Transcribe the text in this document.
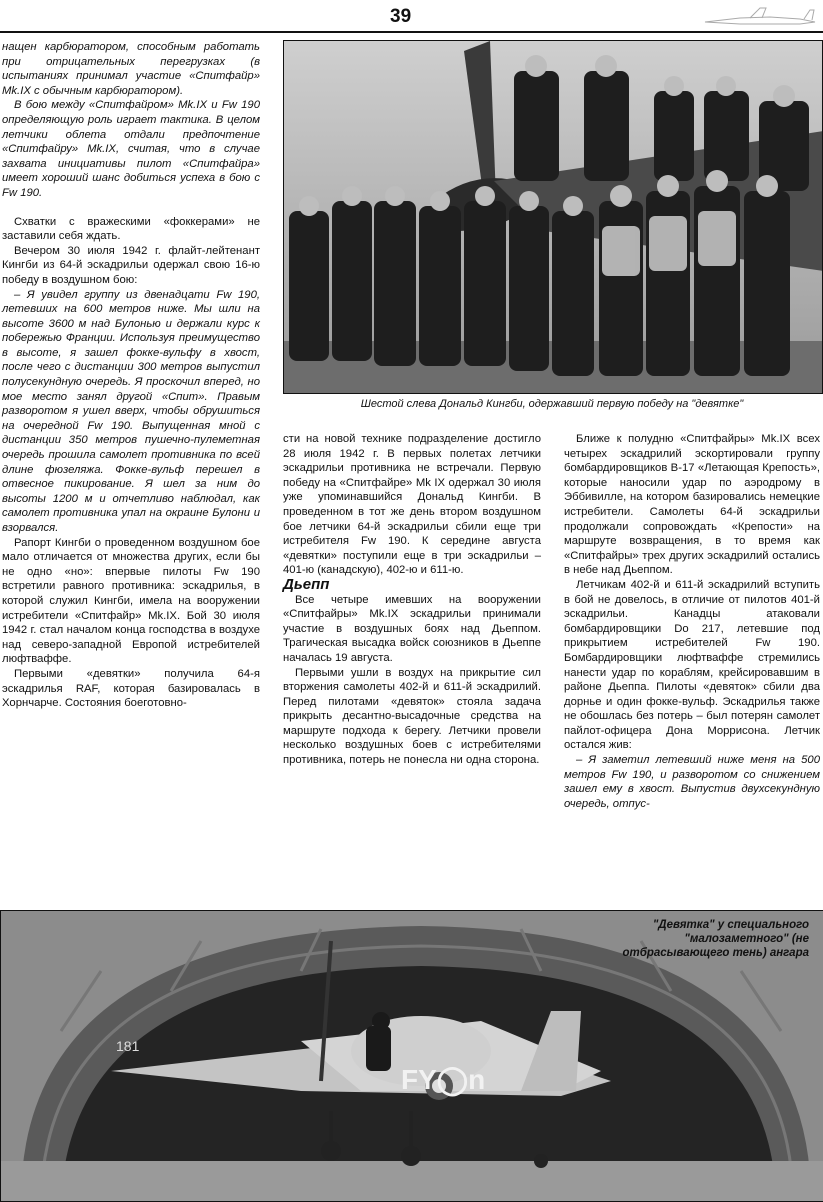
39

нащен карбюратором, способным работать при отрицательных перегрузках (в испытаниях принимал участие «Спитфайр» Mk.IX с обычным карбюратором).

В бою между «Спитфайром» Mk.IX и Fw 190 определяющую роль играет тактика. В целом летчики облета отдали предпочтение «Спитфайру» Mk.IX, считая, что в случае захвата инициативы пилот «Спитфайра» имеет хороший шанс добиться успеха в бою с Fw 190.

Схватки с вражескими «фоккерами» не заставили себя ждать.

Вечером 30 июля 1942 г. флайт-лейтенант Кингби из 64-й эскадрильи одержал свою 16-ю победу в воздушном бою:

– Я увидел группу из двенадцати Fw 190, летевших на 600 метров ниже. Мы шли на высоте 3600 м над Булонью и держали курс к побережью Франции. Используя преимущество в высоте, я зашел фокке-вульфу в хвост, после чего с дистанции 300 метров выпустил полусекундную очередь. Я проскочил вперед, но мое место занял другой «Спит». Правым разворотом я ушел вверх, чтобы обрушиться на очередной Fw 190. Выпущенная мной с дистанции 350 метров пушечно-пулеметная очередь прошила самолет противника по всей длине фюзеляжа. Фокке-вульф перешел в отвесное пикирование. Я шел за ним до высоты 1200 м и отчетливо наблюдал, как самолет противника упал на окраине Булони и взорвался.

Рапорт Кингби о проведенном воздушном бое мало отличается от множества других, если бы не одно «но»: впервые пилоты Fw 190 встретили равного противника: эскадрилья, в которой служил Кингби, имела на вооружении истребители «Спитфайр» Mk.IX. Бой 30 июля 1942 г. стал началом конца господства в воздухе над северо-западной Европой истребителей люфтваффе.

Первыми «девятки» получила 64-я эскадрилья RAF, которая базировалась в Хорнчарче. Состояния боеготовно-

Шестой слева Дональд Кингби, одержавший первую победу на "девятке"

сти на новой технике подразделение достигло 28 июля 1942 г. В первых полетах летчики эскадрильи противника не встречали. Первую победу на «Спитфайре» Mk IX одержал 30 июля уже упоминавшийся Дональд Кингби. В проведенном в тот же день втором воздушном бое летчики 64-й эскадрильи сбили еще три истребителя Fw 190. К середине августа «девятки» поступили еще в три эскадрильи – 401-ю (канадскую), 402-ю и 611-ю.

Дьепп

Все четыре имевших на вооружении «Спитфайры» Mk.IX эскадрильи принимали участие в воздушных боях над Дьеппом. Трагическая высадка войск союзников в Дьеппе началась 19 августа.

Первыми ушли в воздух на прикрытие сил вторжения самолеты 402-й и 611-й эскадрилий. Перед пилотами «девяток» стояла задача прикрыть десантно-высадочные средства на маршруте подхода к берегу. Летчики провели несколько воздушных боев с истребителями противника, потерь не понесла ни одна сторона.

Ближе к полудню «Спитфайры» Mk.IX всех четырех эскадрилий эскортировали группу бомбардировщиков В-17 «Летающая Крепость», которые наносили удар по аэродрому в Эббивилле, на котором базировались немецкие истребители. Самолеты 64-й эскадрильи продолжали сопровождать «Крепости» на маршруте возвращения, в то время как «Спитфайры» трех других эскадрилий остались в небе над Дьеппом.

Летчикам 402-й и 611-й эскадрилий вступить в бой не довелось, в отличие от пилотов 401-й эскадрильи. Канадцы атаковали бомбардировщики Do 217, летевшие под прикрытием истребителей Fw 190. Бомбардировщики люфтваффе стремились нанести удар по кораблям, крейсировавшим в районе Дьеппа. Пилоты «девяток» сбили два дорнье и один фокке-вульф. Эскадрилья также не обошлась без потерь – был потерян самолет пайлот-офицера Дона Моррисона. Летчик остался жив:

– Я заметил летевший ниже меня на 500 метров Fw 190, и разворотом со снижением зашел ему в хвост. Выпустив двухсекундную очередь, отпус-

FY◯n
181
"Девятка" у специального "малозаметного" (не отбрасывающего тень) ангара
